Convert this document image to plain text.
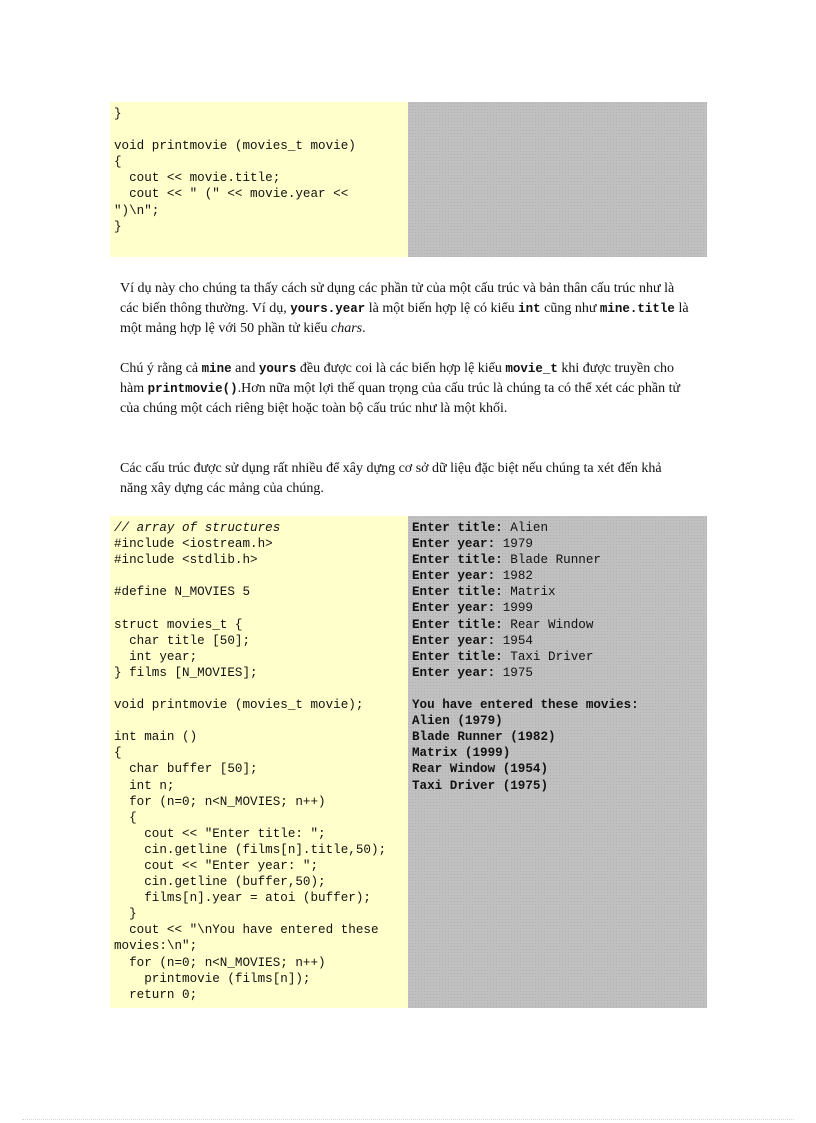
}
void printmovie (movies_t movie)
{
cout << movie.title;
cout << " (" << movie.year <<
")\n";
}

Ví dụ này cho chúng ta thấy cách sử dụng các phần tử của một cấu trúc và bản thân cấu trúc như là các biến thông thường. Ví dụ, yours.year là một biến hợp lệ có kiểu int cũng như mine.title là một mảng hợp lệ với 50 phần tử kiểu chars.

Chú ý rằng cả mine and yours đều được coi là các biến hợp lệ kiểu movie_t khi được truyền cho hàm printmovie().Hơn nữa một lợi thế quan trọng của cấu trúc là chúng ta có thể xét các phần tử của chúng một cách riêng biệt hoặc toàn bộ cấu trúc như là một khối.

Các cấu trúc được sử dụng rất nhiều để xây dựng cơ sở dữ liệu đặc biệt nếu chúng ta xét đến khả năng xây dựng các mảng của chúng.

// array of structures
#include <iostream.h>
#include <stdlib.h>
#define N_MOVIES 5
struct movies_t {
char title [50];
int year;
} films [N_MOVIES];
void printmovie (movies_t movie);
int main ()
{
char buffer [50];
int n;
for (n=0; n<N_MOVIES; n++)
{
cout << "Enter title: ";
cin.getline (films[n].title,50);
cout << "Enter year: ";
cin.getline (buffer,50);
films[n].year = atoi (buffer);
}
cout << "\nYou have entered these
movies:\n";
for (n=0; n<N_MOVIES; n++)
printmovie (films[n]);
return 0;
Enter title: Alien
Enter year: 1979
Enter title: Blade Runner
Enter year: 1982
Enter title: Matrix
Enter year: 1999
Enter title: Rear Window
Enter year: 1954
Enter title: Taxi Driver
Enter year: 1975
You have entered these movies:
Alien (1979)
Blade Runner (1982)
Matrix (1999)
Rear Window (1954)
Taxi Driver (1975)
